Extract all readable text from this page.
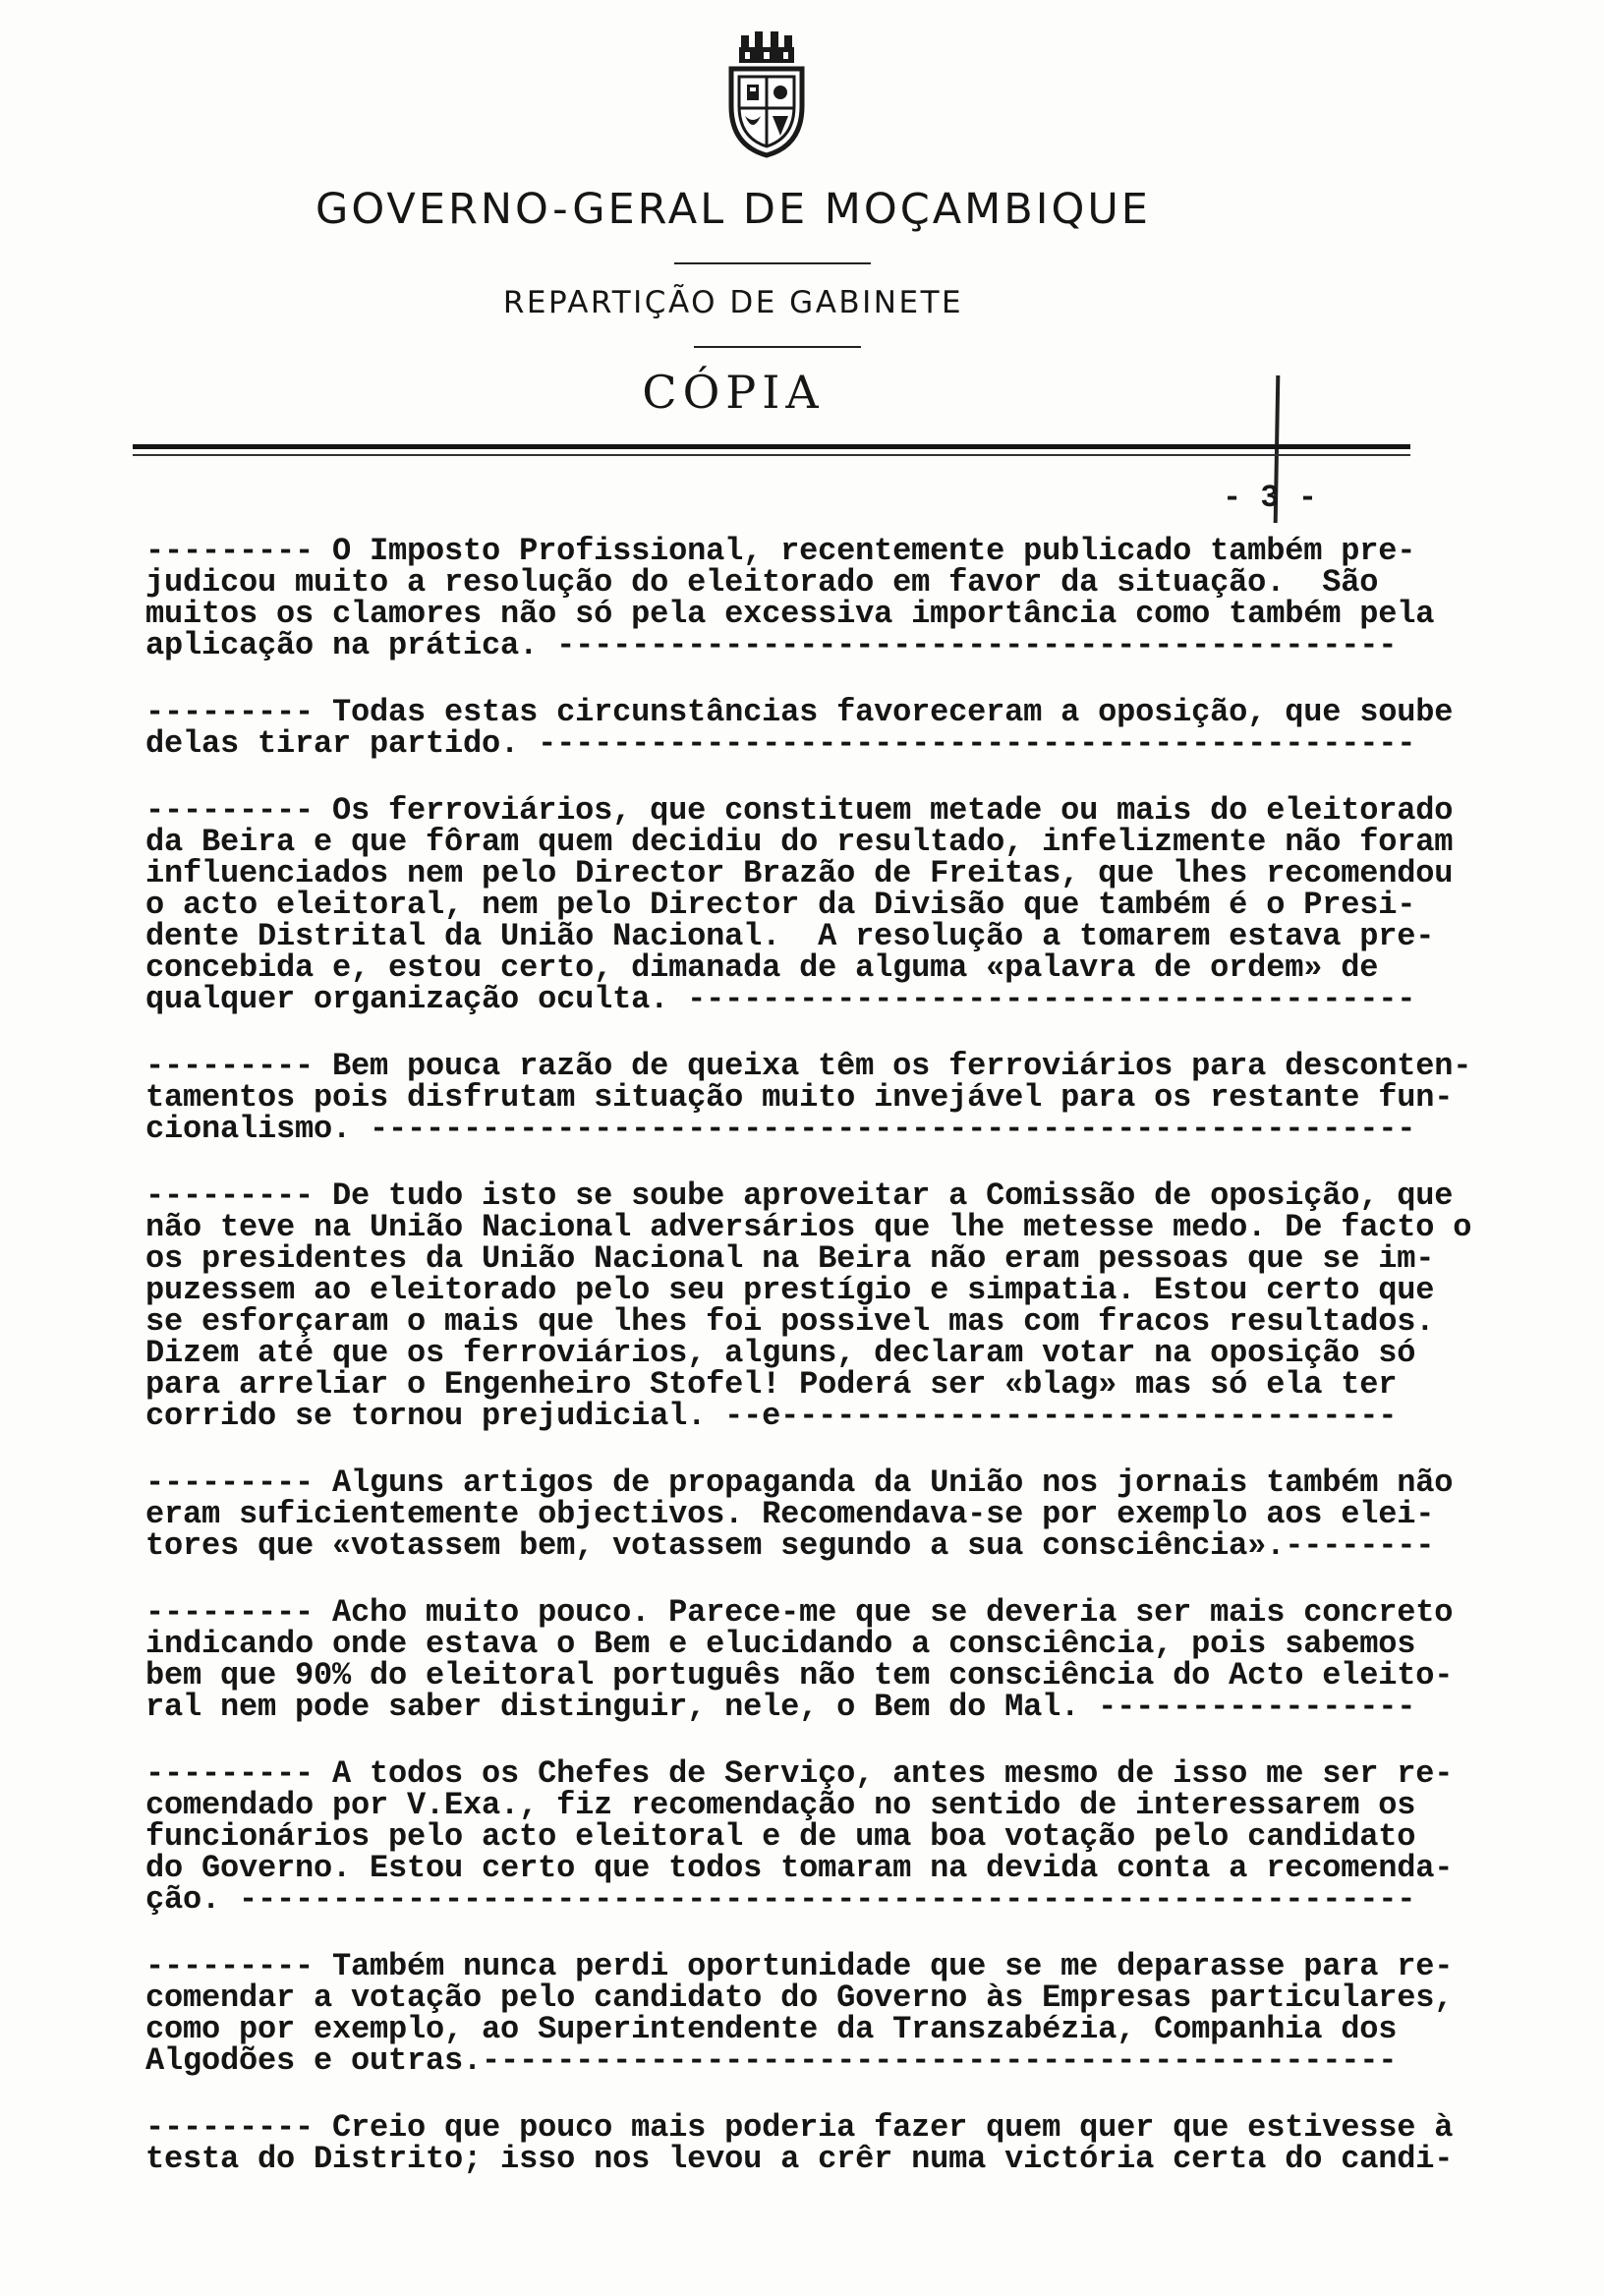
GOVERNO-GERAL DE MOÇAMBIQUE
REPARTIÇÃO DE GABINETE
CÓPIA
- 3 -
--------- O Imposto Profissional, recentemente publicado também pre-
judicou muito a resolução do eleitorado em favor da situação.  São
muitos os clamores não só pela excessiva importância como também pela
aplicação na prática. ---------------------------------------------
--------- Todas estas circunstâncias favoreceram a oposição, que soube
delas tirar partido. -----------------------------------------------
--------- Os ferroviários, que constituem metade ou mais do eleitorado
da Beira e que fôram quem decidiu do resultado, infelizmente não foram
influenciados nem pelo Director Brazão de Freitas, que lhes recomendou
o acto eleitoral, nem pelo Director da Divisão que também é o Presi-
dente Distrital da União Nacional.  A resolução a tomarem estava pre-
concebida e, estou certo, dimanada de alguma «palavra de ordem» de
qualquer organização oculta. ---------------------------------------
--------- Bem pouca razão de queixa têm os ferroviários para desconten-
tamentos pois disfrutam situação muito invejável para os restante fun-
cionalismo. --------------------------------------------------------
--------- De tudo isto se soube aproveitar a Comissão de oposição, que
não teve na União Nacional adversários que lhe metesse medo. De facto o
os presidentes da União Nacional na Beira não eram pessoas que se im-
puzessem ao eleitorado pelo seu prestígio e simpatia. Estou certo que
se esforçaram o mais que lhes foi possivel mas com fracos resultados.
Dizem até que os ferroviários, alguns, declaram votar na oposição só
para arreliar o Engenheiro Stofel! Poderá ser «blag» mas só ela ter
corrido se tornou prejudicial. --e---------------------------------
--------- Alguns artigos de propaganda da União nos jornais também não
eram suficientemente objectivos. Recomendava-se por exemplo aos elei-
tores que «votassem bem, votassem segundo a sua consciência».--------
--------- Acho muito pouco. Parece-me que se deveria ser mais concreto
indicando onde estava o Bem e elucidando a consciência, pois sabemos
bem que 90% do eleitoral português não tem consciência do Acto eleito-
ral nem pode saber distinguir, nele, o Bem do Mal. -----------------
--------- A todos os Chefes de Serviço, antes mesmo de isso me ser re-
comendado por V.Exa., fiz recomendação no sentido de interessarem os
funcionários pelo acto eleitoral e de uma boa votação pelo candidato
do Governo. Estou certo que todos tomaram na devida conta a recomenda-
ção. ---------------------------------------------------------------
--------- Também nunca perdi oportunidade que se me deparasse para re-
comendar a votação pelo candidato do Governo às Empresas particulares,
como por exemplo, ao Superintendente da Transzabézia, Companhia dos
Algodões e outras.-------------------------------------------------
--------- Creio que pouco mais poderia fazer quem quer que estivesse à
testa do Distrito; isso nos levou a crêr numa victória certa do candi-
